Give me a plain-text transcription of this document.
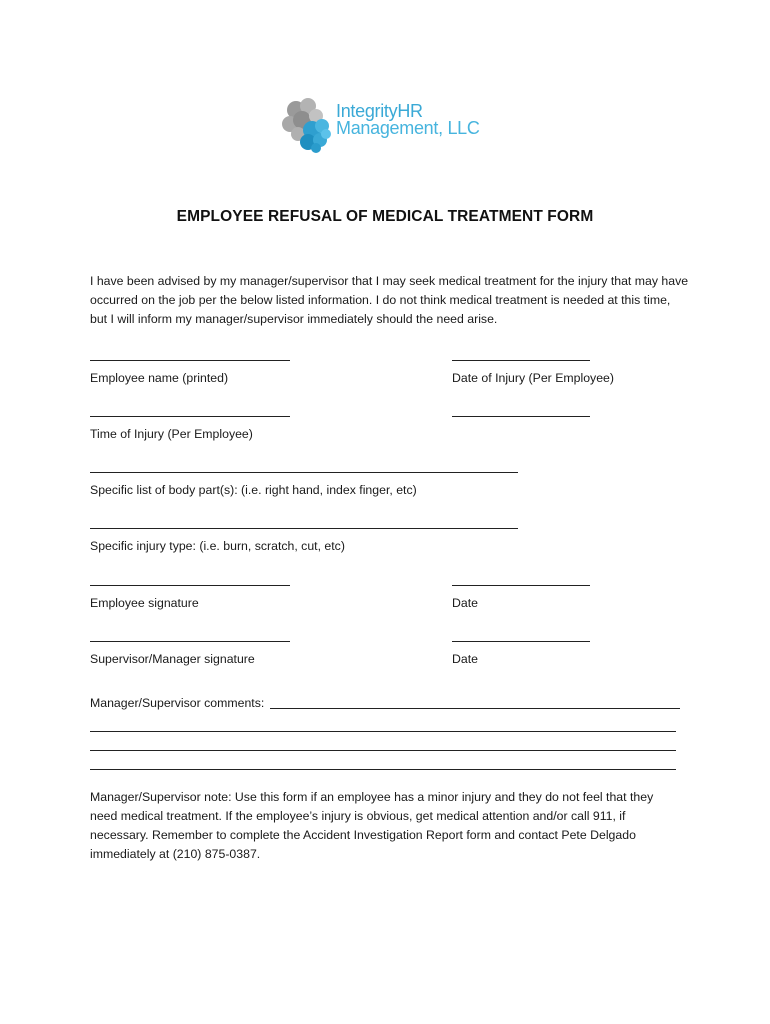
IntegrityHR
Management, LLC
EMPLOYEE REFUSAL OF MEDICAL TREATMENT FORM
I have been advised by my manager/supervisor that I may seek medical treatment for the injury that may have occurred on the job per the below listed information. I do not think medical treatment is needed at this time, but I will inform my manager/supervisor immediately should the need arise.
Employee name (printed)	Date of Injury (Per Employee)
Time of Injury (Per Employee)
Specific list of body part(s): (i.e. right hand, index finger, etc)
Specific injury type: (i.e. burn, scratch, cut, etc)
Employee signature	Date
Supervisor/Manager signature	Date
Manager/Supervisor comments:
Manager/Supervisor note: Use this form if an employee has a minor injury and they do not feel that they need medical treatment. If the employee’s injury is obvious, get medical attention and/or call 911, if necessary. Remember to complete the Accident Investigation Report form and contact Pete Delgado immediately at (210) 875-0387.
